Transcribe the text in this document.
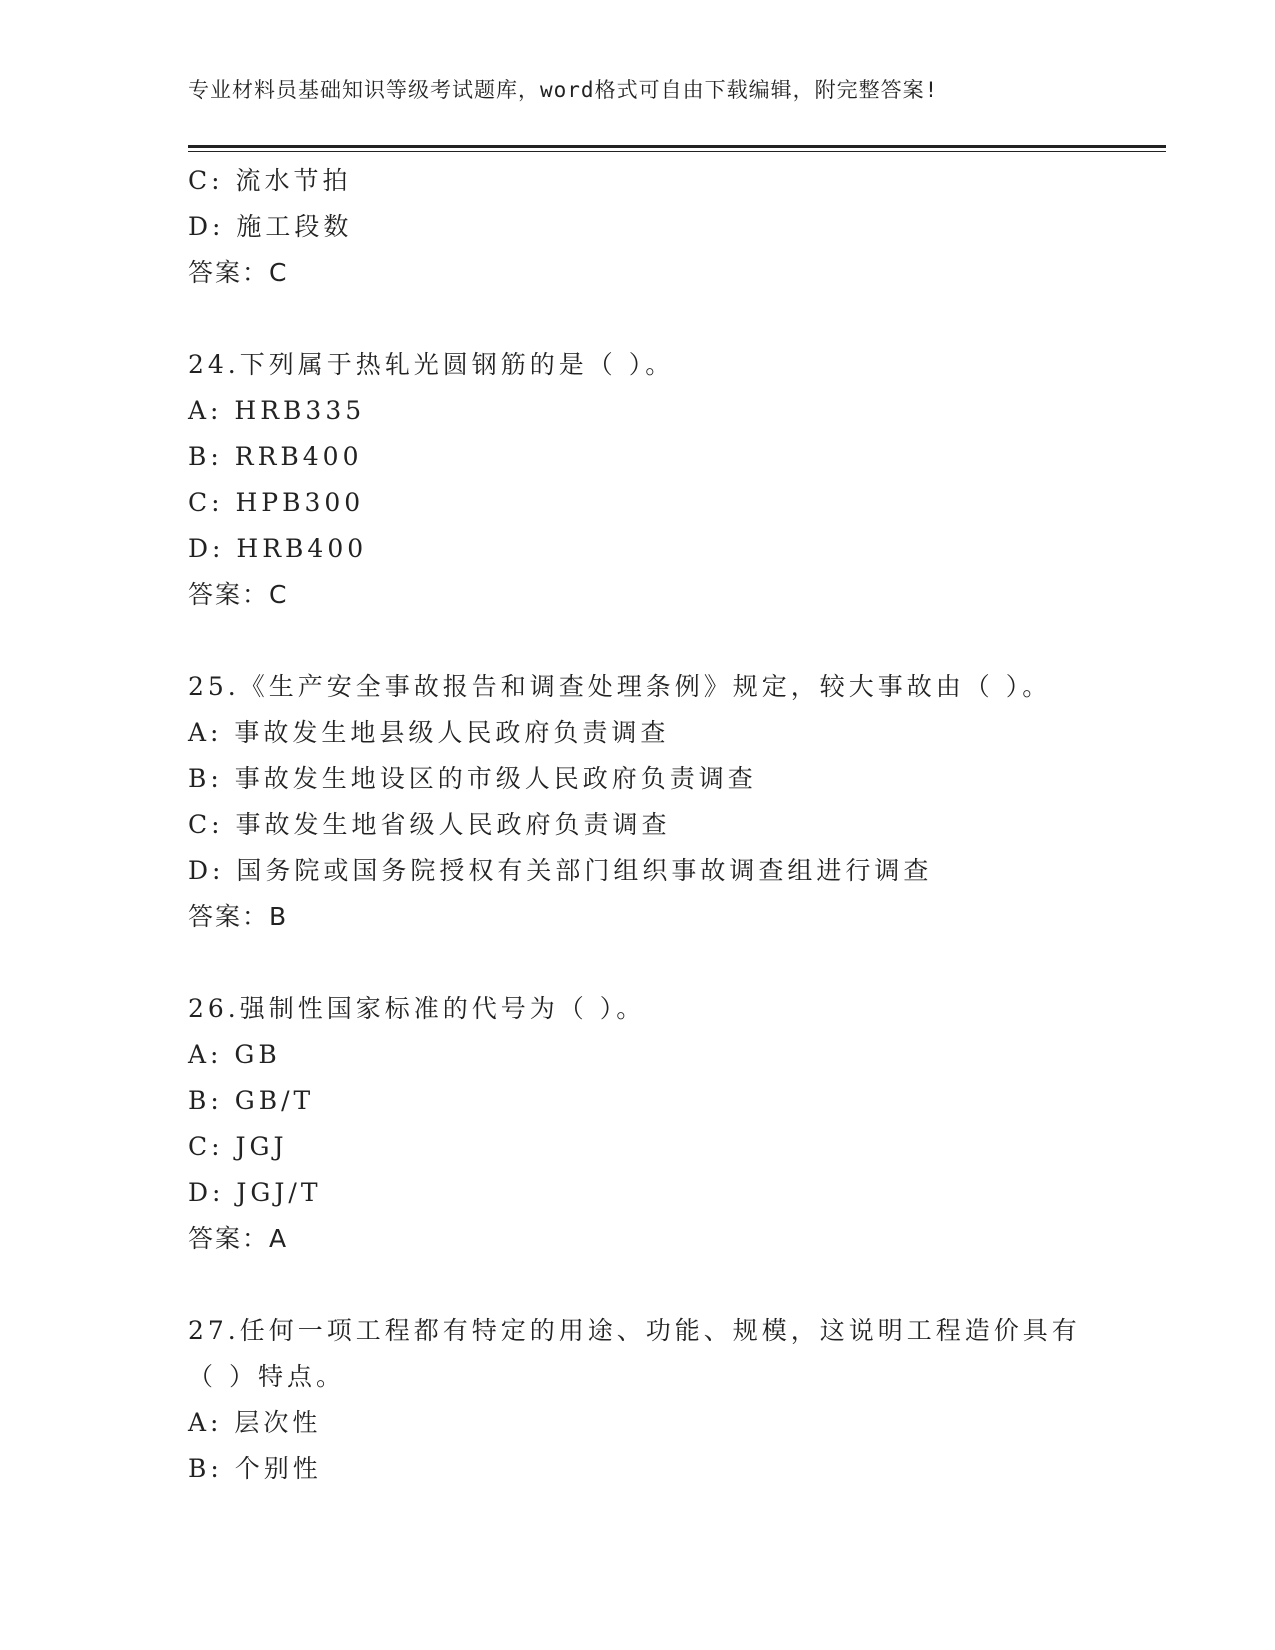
专业材料员基础知识等级考试题库，word格式可自由下载编辑，附完整答案!
C: 流水节拍
D: 施工段数
答案：C
24.下列属于热轧光圆钢筋的是（ ）。
A: HRB335
B: RRB400
C: HPB300
D: HRB400
答案：C
25.《生产安全事故报告和调查处理条例》规定，较大事故由（ ）。
A: 事故发生地县级人民政府负责调查
B: 事故发生地设区的市级人民政府负责调查
C: 事故发生地省级人民政府负责调查
D: 国务院或国务院授权有关部门组织事故调查组进行调查
答案：B
26.强制性国家标准的代号为（ ）。
A: GB
B: GB/T
C: JGJ
D: JGJ/T
答案：A
27.任何一项工程都有特定的用途、功能、规模，这说明工程造价具有
（ ）特点。
A: 层次性
B: 个别性
